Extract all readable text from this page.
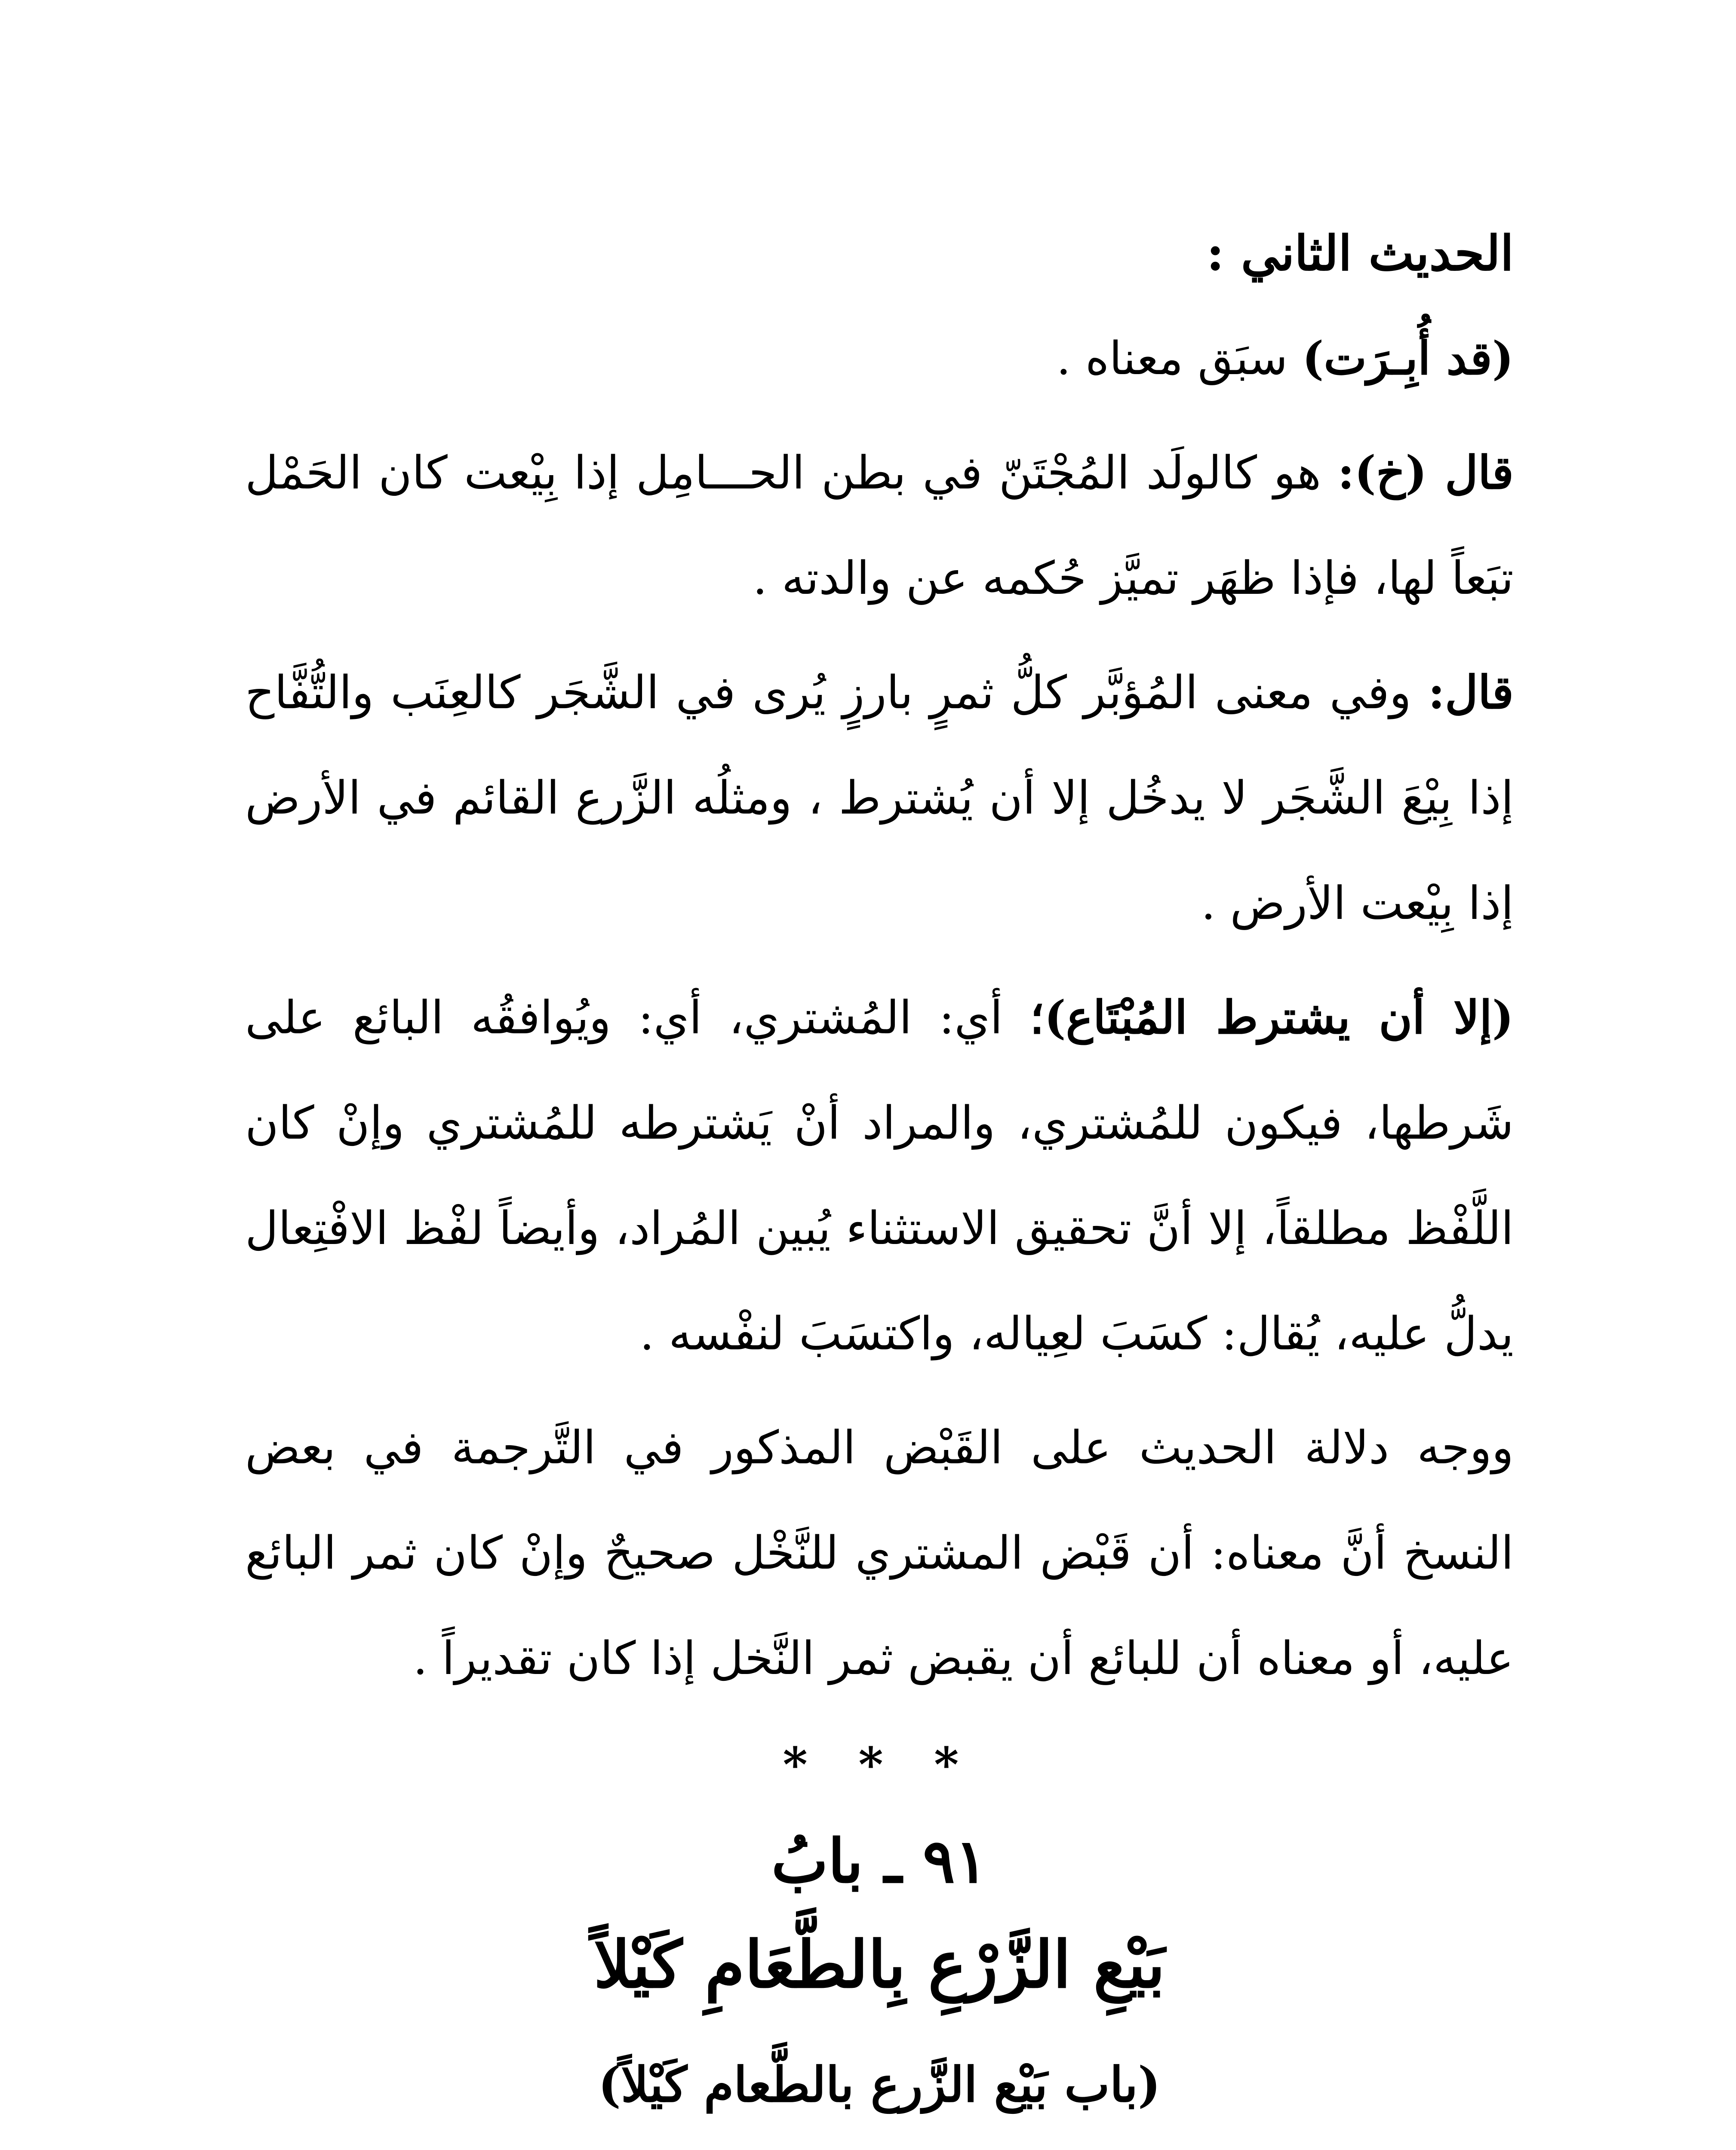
الحديث الثاني :

(قد أُبِـرَت) سبَق معناه .

قال (خ): هو كالولَد المُجْتَنّ في بطن الحـــامِل إذا بِيْعت كان الحَمْل تبَعاً لها، فإذا ظهَر تميَّز حُكمه عن والدته .

قال: وفي معنى المُؤبَّر كلُّ ثمرٍ بارزٍ يُرى في الشَّجَر كالعِنَب والتُّفَّاح إذا بِيْعَ الشَّجَر لا يدخُل إلا أن يُشترط ، ومثلُه الزَّرع القائم في الأرض إذا بِيْعت الأرض .

(إلا أن يشترط المُبْتَاع)؛ أي: المُشتري، أي: ويُوافقُه البائع على شَرطها، فيكون للمُشتري، والمراد أنْ يَشترطه للمُشتري وإنْ كان اللَّفْظ مطلقاً، إلا أنَّ تحقيق الاستثناء يُبين المُراد، وأيضاً لفْظ الافْتِعال يدلُّ عليه، يُقال: كسَبَ لعِياله، واكتسَبَ لنفْسه .

ووجه دلالة الحديث على القَبْض المذكور في التَّرجمة في بعض النسخ أنَّ معناه: أن قَبْض المشتري للنَّخْل صحيحٌ وإنْ كان ثمر البائع عليه، أو معناه أن للبائع أن يقبض ثمر النَّخل إذا كان تقديراً .

* * *

٩١ ـ بابُ

بَيْعِ الزَّرْعِ بِالطَّعَامِ كَيْلاً

(باب بَيْع الزَّرع بالطَّعام كَيْلاً)
